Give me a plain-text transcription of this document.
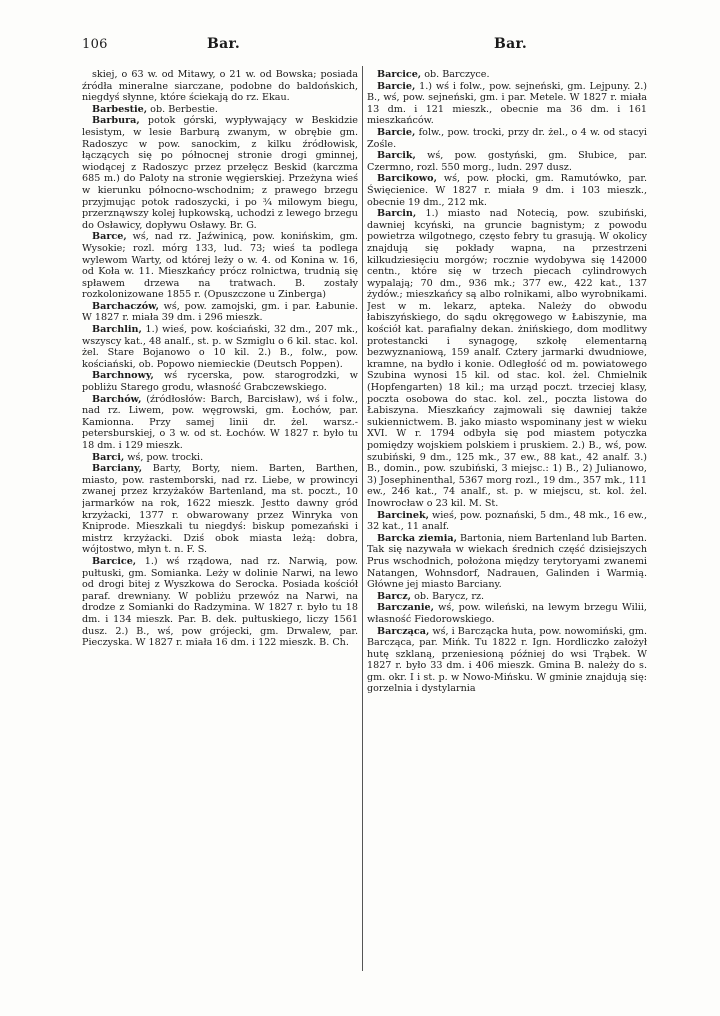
106	Bar.	Bar.

skiej, o 63 w. od Mitawy, o 21 w. od Bowska; posiada źródła mineralne siarczane, podobne do baldońskich, niegdyś słynne, które ściekają do rz. Ekau.

Barbestie, ob. Berbestie.

Barbura, potok górski, wypływający w Beskidzie lesistym, w lesie Barburą zwanym, w obrębie gm. Radoszyc w pow. sanockim, z kilku źródłowisk, łączących się po północnej stronie drogi gminnej, wiodącej z Radoszyc przez przełęcz Beskid (karczma 685 m.) do Paloty na stronie węgierskiej. Przeżyna wieś w kierunku północno-wschodnim; z prawego brzegu przyjmując potok radoszycki, i po ¾ milowym biegu, przerznąwszy kolej łupkowską, uchodzi z lewego brzegu do Osławicy, dopływu Osławy. Br. G.

Barce, wś, nad rz. Jaźwinicą, pow. konińskim, gm. Wysokie; rozl. mórg 133, lud. 73; wieś ta podlega wylewom Warty, od której leży o w. 4. od Konina w. 16, od Koła w. 11. Mieszkańcy prócz rolnictwa, trudnią się spławem drzewa na tratwach. B. zostały rozkolonizowane 1855 r. (Opuszczone u Zinberga)

Barchaczów, wś, pow. zamojski, gm. i par. Łabunie. W 1827 r. miała 39 dm. i 296 mieszk.

Barchlin, 1.) wieś, pow. kościański, 32 dm., 207 mk., wszyscy kat., 48 analf., st. p. w Szmiglu o 6 kil. stac. kol. żel. Stare Bojanowo o 10 kil. 2.) B., folw., pow. kościański, ob. Popowo niemieckie (Deutsch Poppen).

Barchnowy, wś rycerska, pow. starogrodzki, w pobliżu Starego grodu, własność Grabczewskiego.

Barchów, (źródłosłów: Barch, Barcisław), wś i folw., nad rz. Liwem, pow. węgrowski, gm. Łochów, par. Kamionna. Przy samej linii dr. żel. warsz.-petersburskiej, o 3 w. od st. Łochów. W 1827 r. było tu 18 dm. i 129 mieszk.

Barci, wś, pow. trocki.

Barciany, Barty, Borty, niem. Barten, Barthen, miasto, pow. rastemborski, nad rz. Liebe, w prowincyi zwanej przez krzyżaków Bartenland, ma st. poczt., 10 jarmarków na rok, 1622 mieszk. Jestto dawny gród krzyżacki, 1377 r. obwarowany przez Winryka von Kniprode. Mieszkali tu niegdyś: biskup pomezański i mistrz krzyżacki. Dziś obok miasta leżą: dobra, wójtostwo, młyn t. n. F. S.

Barcice, 1.) wś rządowa, nad rz. Narwią, pow. pułtuski, gm. Somianka. Leży w dolinie Narwi, na lewo od drogi bitej z Wyszkowa do Serocka. Posiada kościół paraf. drewniany. W pobliżu przewóz na Narwi, na drodze z Somianki do Radzymina. W 1827 r. było tu 18 dm. i 134 mieszk. Par. B. dek. pułtuskiego, liczy 1561 dusz. 2.) B., wś, pow grójecki, gm. Drwalew, par. Pieczyska. W 1827 r. miała 16 dm. i 122 mieszk. B. Ch.

Barcice, ob. Barczyce.

Barcie, 1.) wś i folw., pow. sejneński, gm. Lejpuny. 2.) B., wś, pow. sejneński, gm. i par. Metele. W 1827 r. miała 13 dm. i 121 mieszk., obecnie ma 36 dm. i 161 mieszkańców.

Barcie, folw., pow. trocki, przy dr. żel., o 4 w. od stacyi Zośle.

Barcik, wś, pow. gostyński, gm. Słubice, par. Czermno, rozl. 550 morg., ludn. 297 dusz.

Barcikowo, wś, pow. płocki, gm. Ramutówko, par. Święcienice. W 1827 r. miała 9 dm. i 103 mieszk., obecnie 19 dm., 212 mk.

Barcin, 1.) miasto nad Notecią, pow. szubiński, dawniej kcyński, na gruncie bagnistym; z powodu powietrza wilgotnego, często febry tu grasują. W okolicy znajdują się pokłady wapna, na przestrzeni kilkudziesięciu morgów; rocznie wydobywa się 142000 centn., które się w trzech piecach cylindrowych wypalają; 70 dm., 936 mk.; 377 ew., 422 kat., 137 żydów.; mieszkańcy są albo rolnikami, albo wyrobnikami. Jest w m. lekarz, apteka. Należy do obwodu łabiszyńskiego, do sądu okręgowego w Łabiszynie, ma kościół kat. parafialny dekan. żnińskiego, dom modlitwy protestancki i synagogę, szkołę elementarną bezwyznaniową, 159 analf. Cztery jarmarki dwudniowe, kramne, na bydło i konie. Odległość od m. powiatowego Szubina wynosi 15 kil. od stac. kol. żel. Chmielnik (Hopfengarten) 18 kil.; ma urząd poczt. trzeciej klasy, poczta osobowa do stac. kol. zel., poczta listowa do Łabiszyna. Mieszkańcy zajmowali się dawniej także sukiennictwem. B. jako miasto wspominany jest w wieku XVI. W r. 1794 odbyła się pod miastem potyczka pomiędzy wojskiem polskiem i pruskiem. 2.) B., wś, pow. szubiński, 9 dm., 125 mk., 37 ew., 88 kat., 42 analf. 3.) B., domin., pow. szubiński, 3 miejsc.: 1) B., 2) Julianowo, 3) Josephinenthal, 5367 morg rozl., 19 dm., 357 mk., 111 ew., 246 kat., 74 analf., st. p. w miejscu, st. kol. żel. Inowrocław o 23 kil. M. St.

Barcinek, wieś, pow. poznański, 5 dm., 48 mk., 16 ew., 32 kat., 11 analf.

Barcka ziemia, Bartonia, niem Bartenland lub Barten. Tak się nazywała w wiekach średnich część dzisiejszych Prus wschodnich, położona między terytoryami zwanemi Natangen, Wohnsdorf, Nadrauen, Galinden i Warmią. Główne jej miasto Barciany.

Barcz, ob. Barycz, rz.

Barczanie, wś, pow. wileński, na lewym brzegu Wilii, własność Fiedorowskiego.

Barcząca, wś, i Barczącka huta, pow. nowomiński, gm. Barcząca, par. Mińk. Tu 1822 r. Ign. Hordliczko założył hutę szklaną, przeniesioną później do wsi Trąbek. W 1827 r. było 33 dm. i 406 mieszk. Gmina B. należy do s. gm. okr. I i st. p. w Nowo-Mińsku. W gminie znajdują się: gorzelnia i dystylarnia
